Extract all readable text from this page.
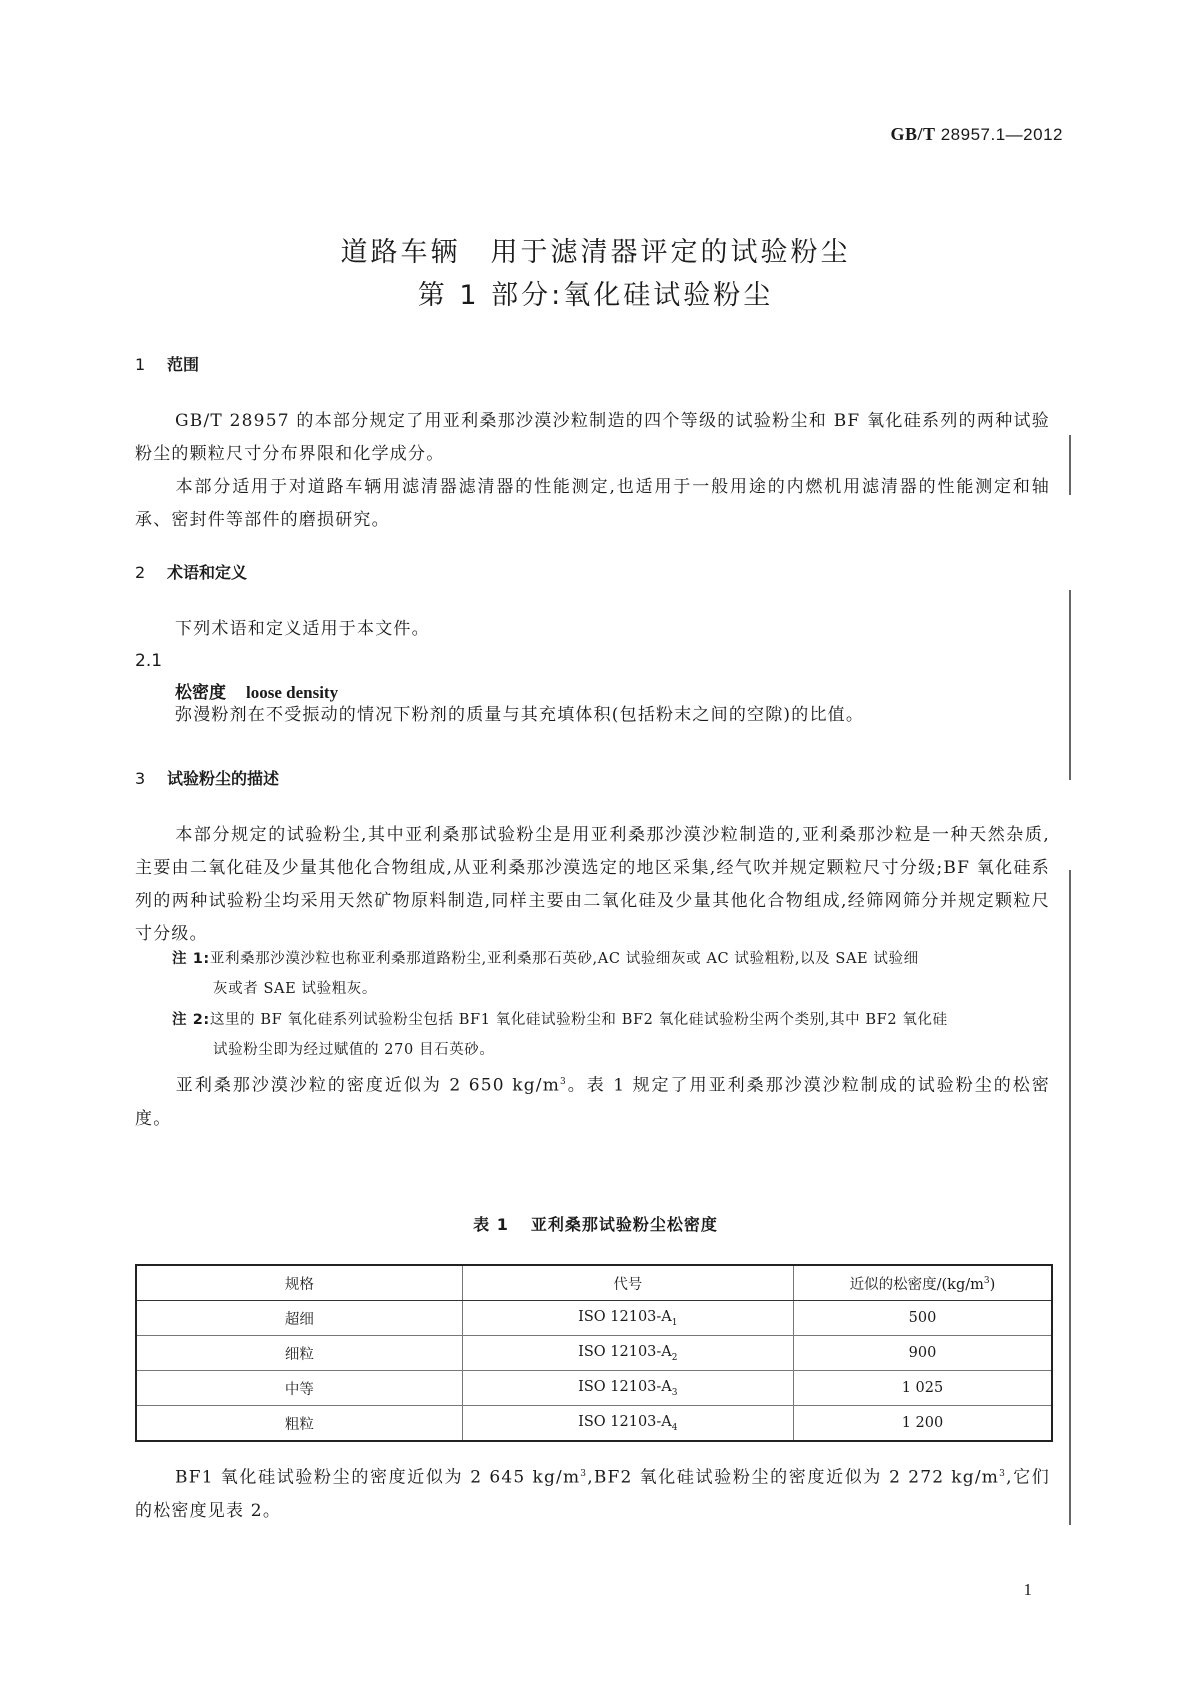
GB/T 28957.1—2012
道路车辆　用于滤清器评定的试验粉尘
第 1 部分:氧化硅试验粉尘
1 范围
GB/T 28957 的本部分规定了用亚利桑那沙漠沙粒制造的四个等级的试验粉尘和 BF 氧化硅系列的两种试验粉尘的颗粒尺寸分布界限和化学成分。
本部分适用于对道路车辆用滤清器滤清器的性能测定,也适用于一般用途的内燃机用滤清器的性能测定和轴承、密封件等部件的磨损研究。
2 术语和定义
下列术语和定义适用于本文件。
2.1
松密度 loose density
弥漫粉剂在不受振动的情况下粉剂的质量与其充填体积(包括粉末之间的空隙)的比值。
3 试验粉尘的描述
本部分规定的试验粉尘,其中亚利桑那试验粉尘是用亚利桑那沙漠沙粒制造的,亚利桑那沙粒是一种天然杂质,主要由二氧化硅及少量其他化合物组成,从亚利桑那沙漠选定的地区采集,经气吹并规定颗粒尺寸分级;BF 氧化硅系列的两种试验粉尘均采用天然矿物原料制造,同样主要由二氧化硅及少量其他化合物组成,经筛网筛分并规定颗粒尺寸分级。
注 1:亚利桑那沙漠沙粒也称亚利桑那道路粉尘,亚利桑那石英砂,AC 试验细灰或 AC 试验粗粉,以及 SAE 试验细
灰或者 SAE 试验粗灰。
注 2:这里的 BF 氧化硅系列试验粉尘包括 BF1 氧化硅试验粉尘和 BF2 氧化硅试验粉尘两个类别,其中 BF2 氧化硅
试验粉尘即为经过赋值的 270 目石英砂。
亚利桑那沙漠沙粒的密度近似为 2 650 $kg/m^3$。表 1 规定了用亚利桑那沙漠沙粒制成的试验粉尘的松密度。
表 1 亚利桑那试验粉尘松密度
规格	代号	近似的松密度$/(kg/m^3)$
超细	ISO $12103-A_1$	500
细粒	ISO $12103-A_2$	900
中等	ISO $12103-A_3$	1 025
粗粒	ISO $12103-A_4$	1 200
BF1 氧化硅试验粉尘的密度近似为 2 645 $kg/m^3,BF2$ 氧化硅试验粉尘的密度近似为 2 272 $kg/m^3$,它们的松密度见表 2。
1
